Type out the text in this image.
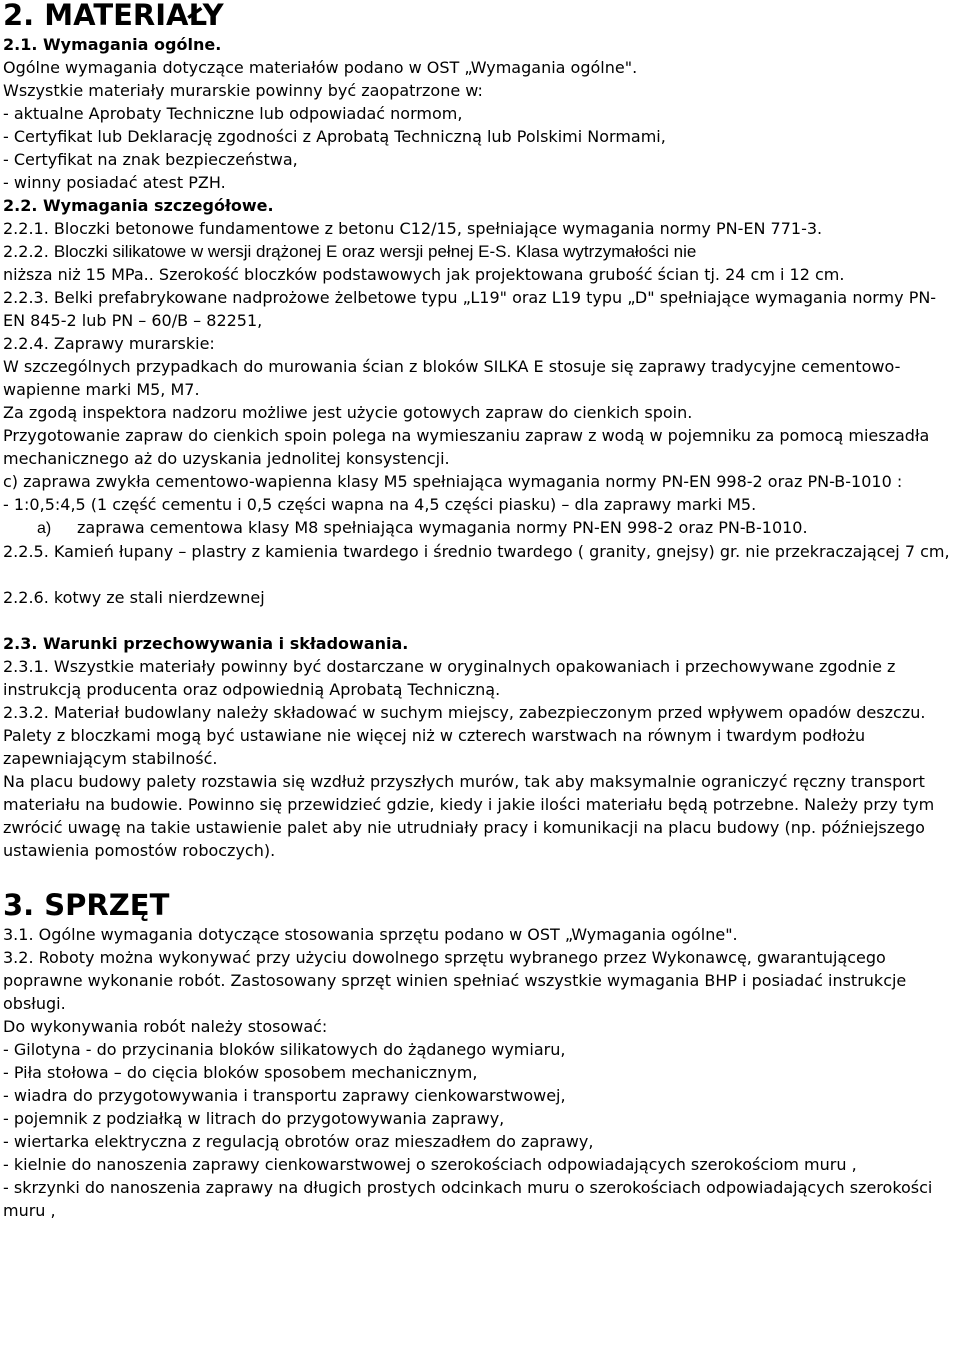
2. MATERIAŁY
2.1. Wymagania ogólne.
Ogólne wymagania dotyczące materiałów podano w OST „Wymagania ogólne".
Wszystkie materiały murarskie powinny być zaopatrzone w:
- aktualne Aprobaty Techniczne lub odpowiadać normom,
- Certyfikat lub Deklarację zgodności z Aprobatą Techniczną lub Polskimi Normami,
- Certyfikat na znak bezpieczeństwa,
- winny posiadać atest PZH.
2.2. Wymagania szczegółowe.
2.2.1. Bloczki betonowe fundamentowe z betonu C12/15, spełniające wymagania normy PN-EN 771-3.
2.2.2. Bloczki silikatowe w wersji drążonej E oraz wersji pełnej E-S. Klasa wytrzymałości nie
niższa niż 15 MPa.. Szerokość bloczków podstawowych jak projektowana grubość ścian tj. 24 cm i 12 cm.
2.2.3. Belki prefabrykowane nadprożowe żelbetowe typu „L19" oraz L19 typu „D" spełniające wymagania normy PN-EN 845-2 lub PN – 60/B – 82251,
2.2.4. Zaprawy murarskie:
W szczególnych przypadkach do murowania ścian z bloków SILKA E stosuje się zaprawy tradycyjne cementowo-wapienne marki M5, M7.
Za zgodą inspektora nadzoru możliwe jest użycie gotowych zapraw do cienkich spoin.
Przygotowanie zapraw do cienkich spoin polega na wymieszaniu zapraw z wodą w pojemniku za pomocą mieszadła mechanicznego aż do uzyskania jednolitej konsystencji.
c) zaprawa zwykła cementowo-wapienna klasy M5 spełniająca wymagania normy PN-EN 998-2 oraz PN-B-1010 :
- 1:0,5:4,5 (1 część cementu i 0,5 części wapna na 4,5 części piasku) – dla zaprawy marki M5.
a) zaprawa cementowa klasy M8 spełniająca wymagania normy PN-EN 998-2 oraz PN-B-1010.
2.2.5. Kamień łupany – plastry z kamienia twardego i średnio twardego ( granity, gnejsy) gr. nie przekraczającej 7 cm,
2.2.6. kotwy ze stali nierdzewnej
2.3. Warunki przechowywania i składowania.
2.3.1. Wszystkie materiały powinny być dostarczane w oryginalnych opakowaniach i przechowywane zgodnie z instrukcją producenta oraz odpowiednią Aprobatą Techniczną.
2.3.2. Materiał budowlany należy składować w suchym miejscy, zabezpieczonym przed wpływem opadów deszczu. Palety z bloczkami mogą być ustawiane nie więcej niż w czterech warstwach na równym i twardym podłożu zapewniającym stabilność.
Na placu budowy palety rozstawia się wzdłuż przyszłych murów, tak aby maksymalnie ograniczyć ręczny transport materiału na budowie. Powinno się przewidzieć gdzie, kiedy i jakie ilości materiału będą potrzebne. Należy przy tym zwrócić uwagę na takie ustawienie palet aby nie utrudniały pracy i komunikacji na placu budowy (np. późniejszego ustawienia pomostów roboczych).
3. SPRZĘT
3.1. Ogólne wymagania dotyczące stosowania sprzętu podano w OST „Wymagania ogólne".
3.2. Roboty można wykonywać przy użyciu dowolnego sprzętu wybranego przez Wykonawcę, gwarantującego poprawne wykonanie robót. Zastosowany sprzęt winien spełniać wszystkie wymagania BHP i posiadać instrukcje obsługi.
Do wykonywania robót należy stosować:
- Gilotyna - do przycinania bloków silikatowych do żądanego wymiaru,
- Piła stołowa – do cięcia bloków sposobem mechanicznym,
- wiadra do przygotowywania i transportu zaprawy cienkowarstwowej,
- pojemnik z podziałką w litrach do przygotowywania zaprawy,
- wiertarka elektryczna z regulacją obrotów oraz mieszadłem do zaprawy,
- kielnie do nanoszenia zaprawy cienkowarstwowej o szerokościach odpowiadających szerokościom muru ,
- skrzynki do nanoszenia zaprawy na długich prostych odcinkach muru o szerokościach odpowiadających szerokości muru ,
